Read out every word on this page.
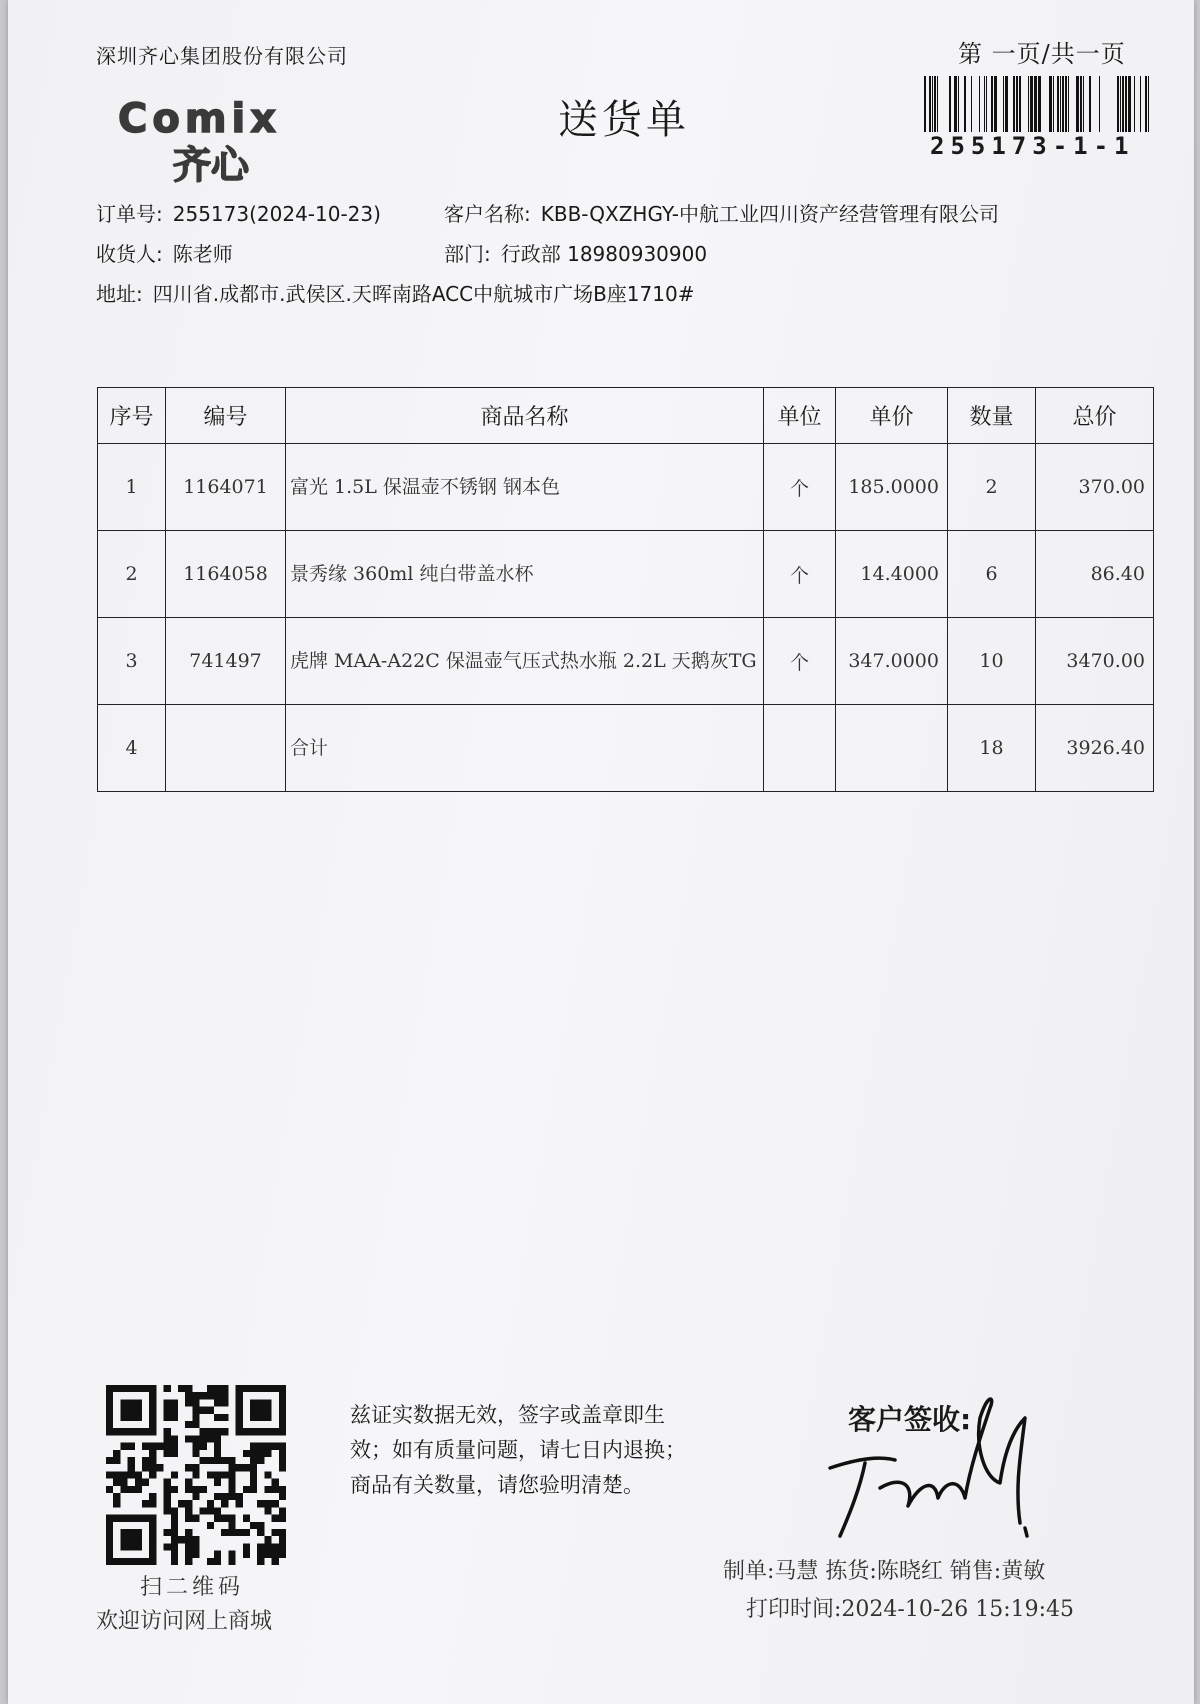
深圳齐心集团股份有限公司	第 一页/共一页
255173-1-1
Comix
齐心
送货单
订单号: 255173(2024-10-23)	客户名称: KBB-QXZHGY-中航工业四川资产经营管理有限公司
收货人: 陈老师	部门: 行政部 18980930900
地址: 四川省.成都市.武侯区.天晖南路ACC中航城市广场B座1710#
序号	编号	商品名称	单位	单价	数量	总价
1	1164071	富光 1.5L 保温壶不锈钢 钢本色	个	185.0000	2	370.00
2	1164058	景秀缘 360ml 纯白带盖水杯	个	14.4000	6	86.40
3	741497	虎牌 MAA-A22C 保温壶气压式热水瓶 2.2L 天鹅灰TG	个	347.0000	10	3470.00
4		合计			18	3926.40
扫二维码
欢迎访问网上商城
兹证实数据无效，签字或盖章即生
效；如有质量问题，请七日内退换；
商品有关数量，请您验明清楚。
客户签收:
制单:马慧 拣货:陈晓红 销售:黄敏
打印时间:2024-10-26 15:19:45
